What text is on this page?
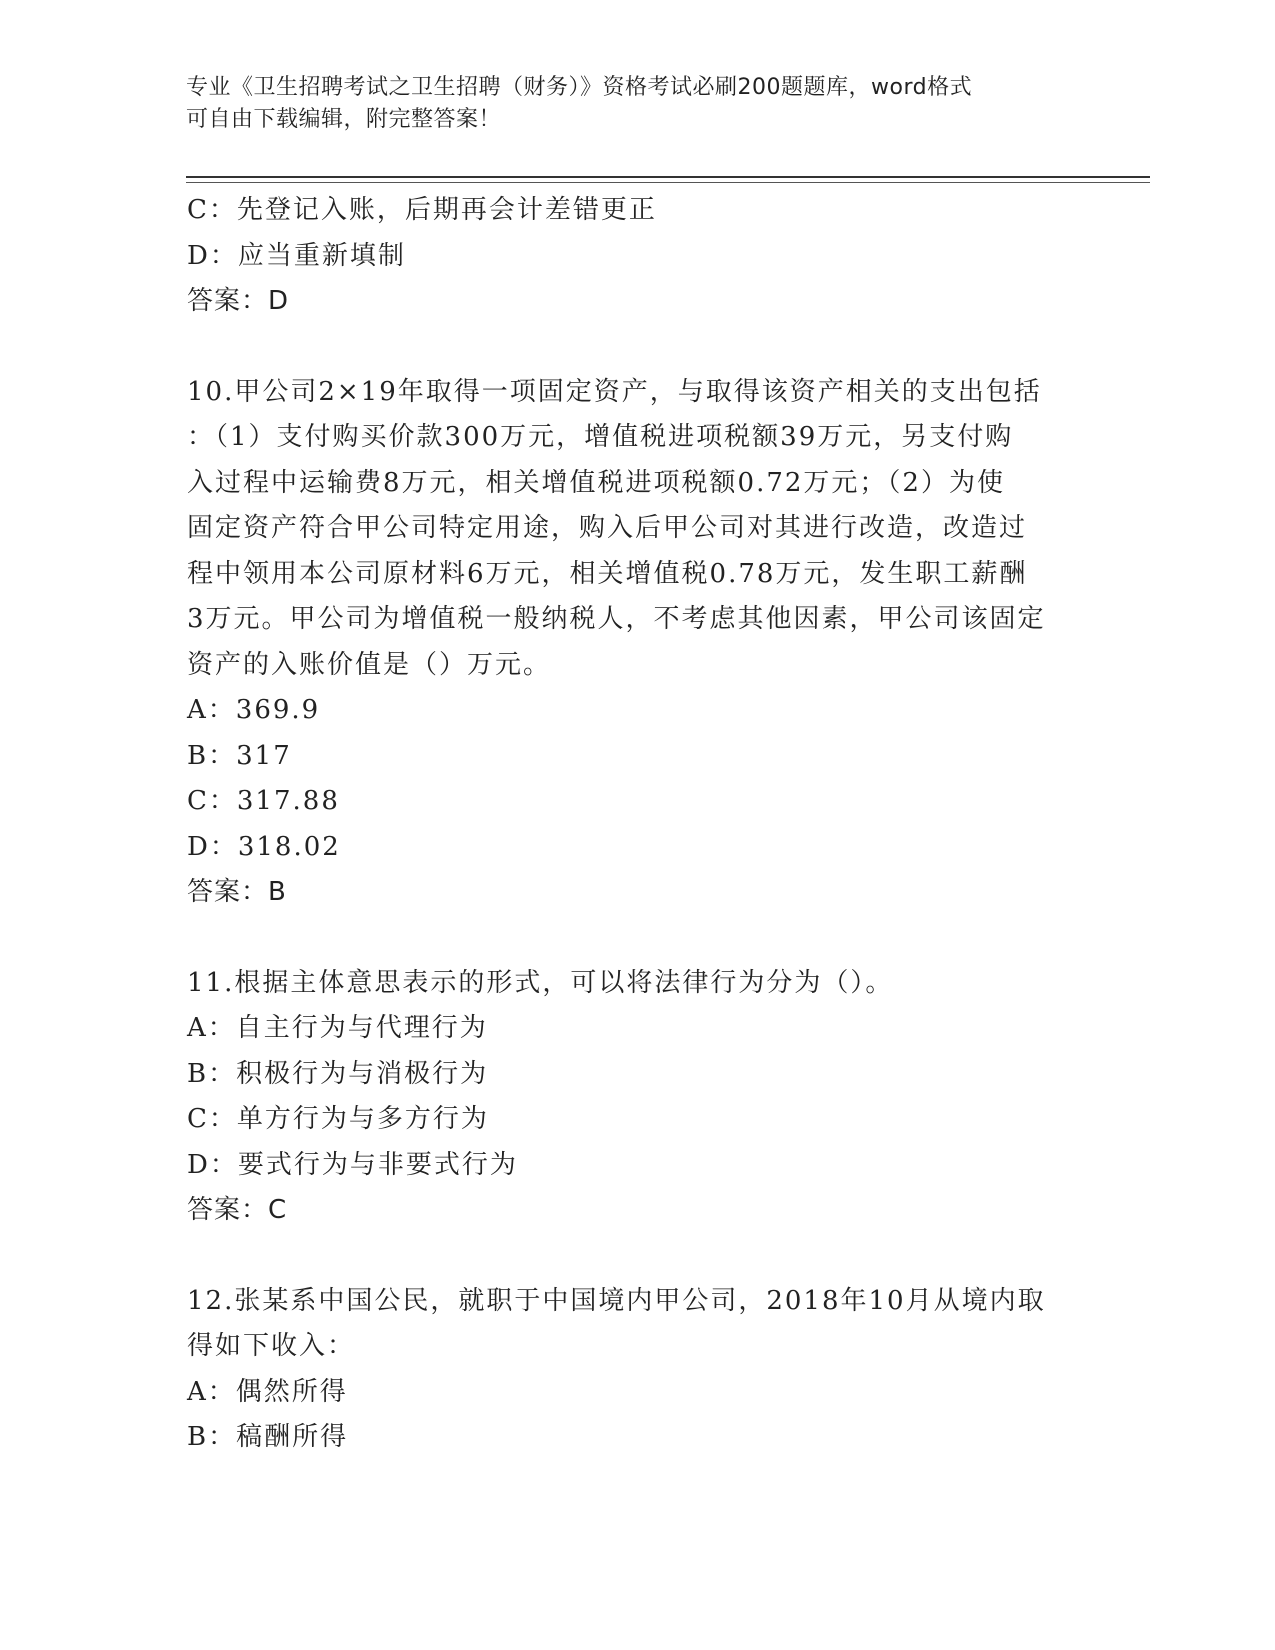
专业《卫生招聘考试之卫生招聘（财务）》资格考试必刷200题题库，word格式
可自由下载编辑，附完整答案！
C：先登记入账，后期再会计差错更正
D：应当重新填制
答案：D
10.甲公司2×19年取得一项固定资产，与取得该资产相关的支出包括
：（1）支付购买价款300万元，增值税进项税额39万元，另支付购
入过程中运输费8万元，相关增值税进项税额0.72万元；（2）为使
固定资产符合甲公司特定用途，购入后甲公司对其进行改造，改造过
程中领用本公司原材料6万元，相关增值税0.78万元，发生职工薪酬
3万元。甲公司为增值税一般纳税人，不考虑其他因素，甲公司该固定
资产的入账价值是（）万元。
A：369.9
B：317
C：317.88
D：318.02
答案：B
11.根据主体意思表示的形式，可以将法律行为分为（）。
A：自主行为与代理行为
B：积极行为与消极行为
C：单方行为与多方行为
D：要式行为与非要式行为
答案：C
12.张某系中国公民，就职于中国境内甲公司，2018年10月从境内取
得如下收入：
A：偶然所得
B：稿酬所得
